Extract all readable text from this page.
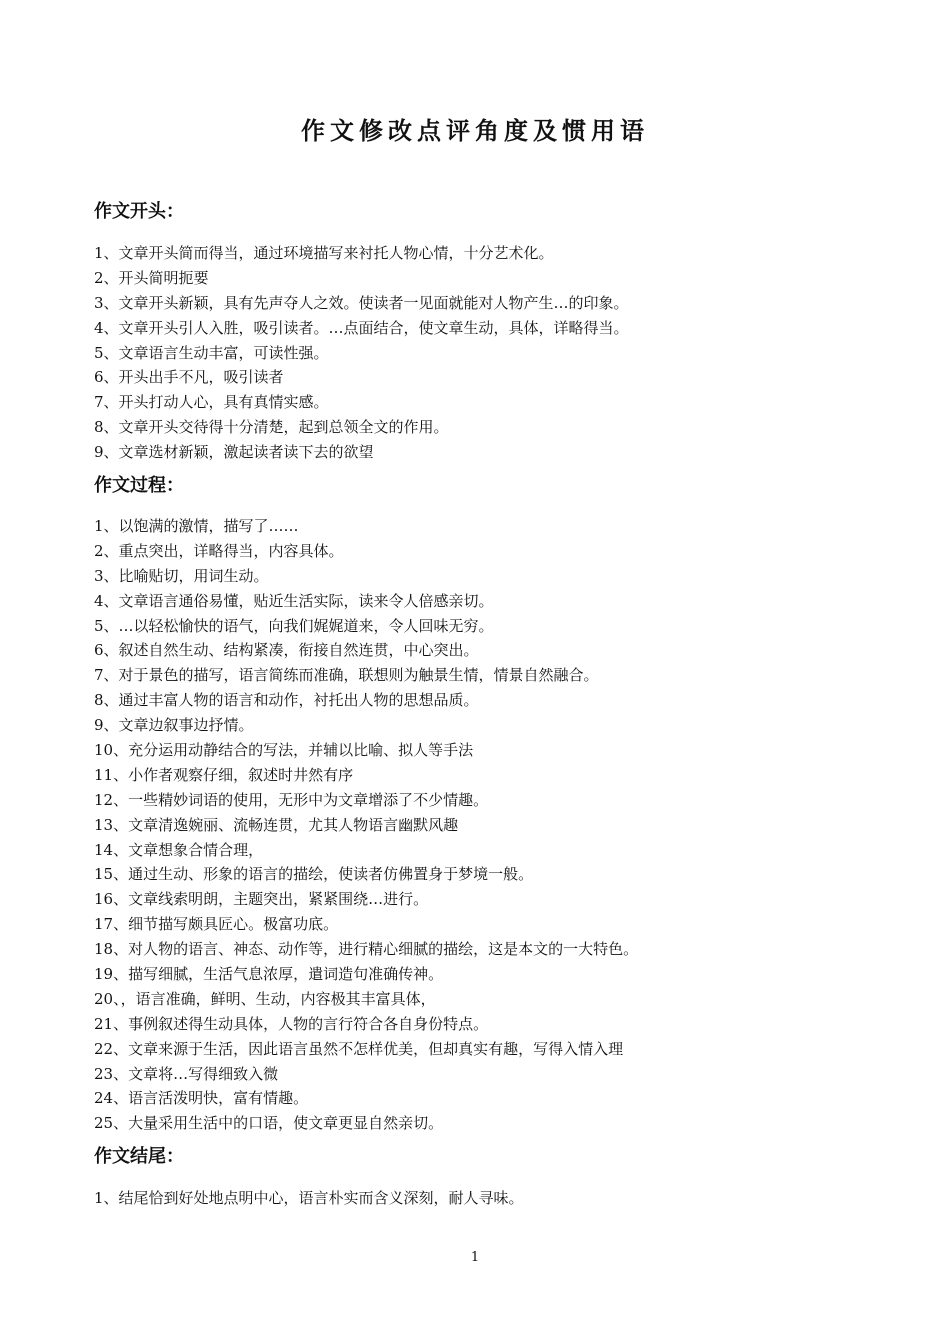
作文修改点评角度及惯用语
作文开头：
1、文章开头简而得当，通过环境描写来衬托人物心情，十分艺术化。
2、开头简明扼要
3、文章开头新颖，具有先声夺人之效。使读者一见面就能对人物产生…的印象。
4、文章开头引人入胜，吸引读者。…点面结合，使文章生动，具体，详略得当。
5、文章语言生动丰富，可读性强。
6、开头出手不凡，吸引读者
7、开头打动人心，具有真情实感。
8、文章开头交待得十分清楚，起到总领全文的作用。
9、文章选材新颖，激起读者读下去的欲望
作文过程：
1、以饱满的激情，描写了……
2、重点突出，详略得当，内容具体。
3、比喻贴切，用词生动。
4、文章语言通俗易懂，贴近生活实际，读来令人倍感亲切。
5、…以轻松愉快的语气，向我们娓娓道来，令人回味无穷。
6、叙述自然生动、结构紧凑，衔接自然连贯，中心突出。
7、对于景色的描写，语言简练而准确，联想则为触景生情，情景自然融合。
8、通过丰富人物的语言和动作，衬托出人物的思想品质。
9、文章边叙事边抒情。
10、充分运用动静结合的写法，并辅以比喻、拟人等手法
11、小作者观察仔细，叙述时井然有序
12、一些精妙词语的使用，无形中为文章增添了不少情趣。
13、文章清逸婉丽、流畅连贯，尤其人物语言幽默风趣
14、文章想象合情合理，
15、通过生动、形象的语言的描绘，使读者仿佛置身于梦境一般。
16、文章线索明朗，主题突出，紧紧围绕…进行。
17、细节描写颇具匠心。极富功底。
18、对人物的语言、神态、动作等，进行精心细腻的描绘，这是本文的一大特色。
19、描写细腻，生活气息浓厚，遣词造句准确传神。
20、，语言准确，鲜明、生动，内容极其丰富具体，
21、事例叙述得生动具体，人物的言行符合各自身份特点。
22、文章来源于生活，因此语言虽然不怎样优美，但却真实有趣，写得入情入理
23、文章将…写得细致入微
24、语言活泼明快，富有情趣。
25、大量采用生活中的口语，使文章更显自然亲切。
作文结尾：
1、结尾恰到好处地点明中心，语言朴实而含义深刻，耐人寻味。
1
